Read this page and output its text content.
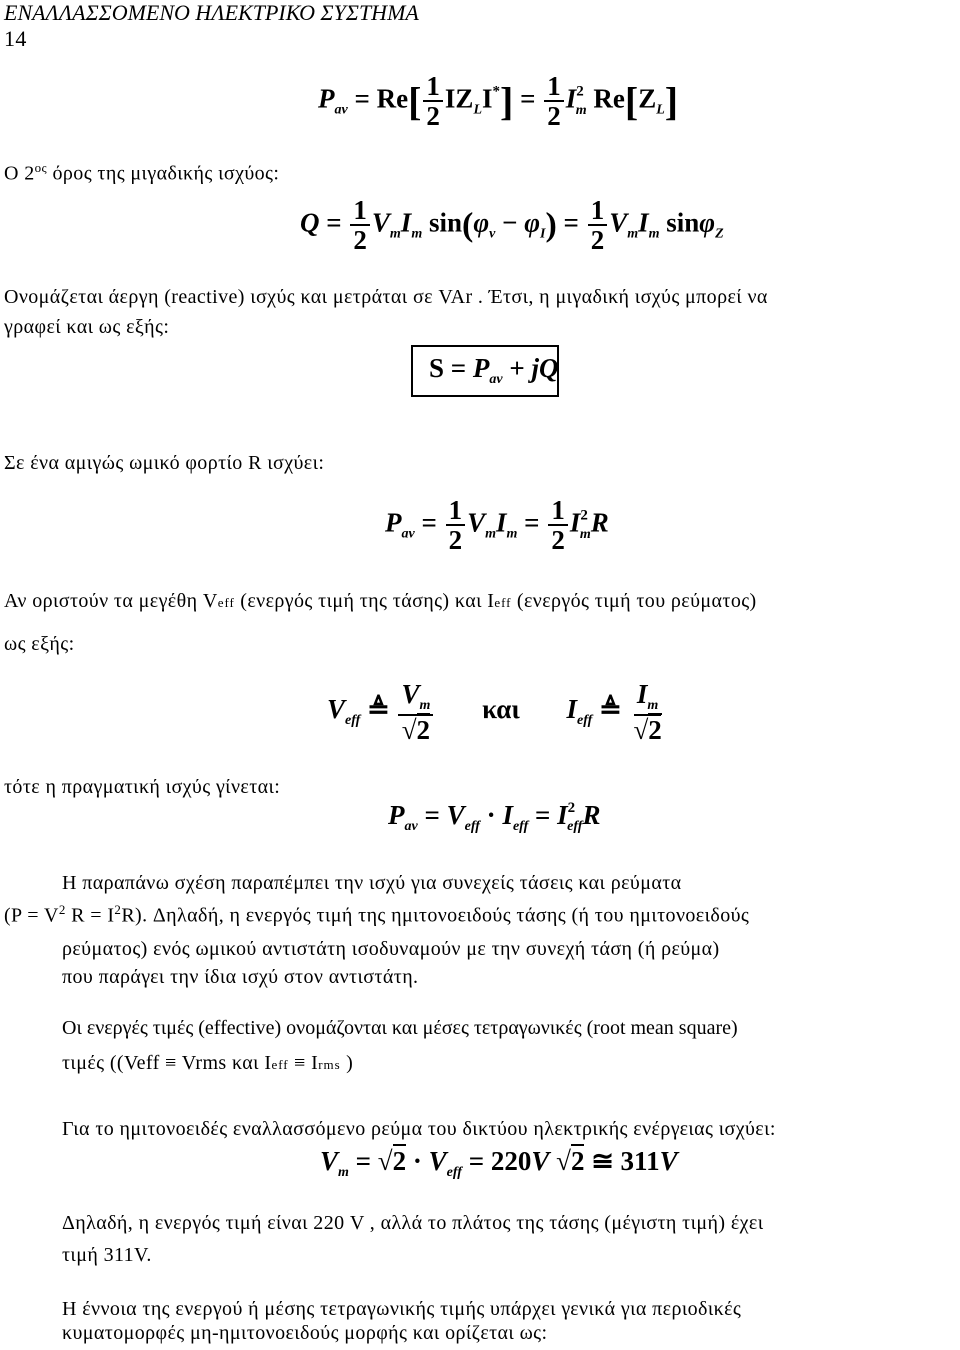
ΕΝΑΛΛΑΣΣΟΜΕΝΟ ΗΛΕΚΤΡΙΚΟ ΣΥΣΤΗΜΑ
14
$P_{av} = Re[ \frac{1}{2} IZ_LI^*] = \frac{1}{2} I^2_m$ $Re[Z_L]$
Ο $2^{o\varsigma}$ όρος της μιγαδικής ισχύος:
$Q = \frac{1}{2} V_mI_m$ $\sin(\varphi_v - \varphi_I) = \frac{1}{2} V_mI_m$ sinφ$_Z$
Ονομάζεται άεργη (reactive) ισχύς και μετράται σε VAr . Έτσι, η μιγαδική ισχύς μπορεί να
γραφεί και ως εξής:
$S = P_{av}$ + jQ
Σε ένα αμιγώς ωμικό φορτίο R ισχύει:
$P_{av} = \frac{1}{2} V_mI_m = \frac{1}{2} I^2_mR$
Αν οριστούν τα μεγέθη Veff (ενεργός τιμή της τάσης) και Ieff (ενεργός τιμή του ρεύματος)
ως εξής:
$V_{eff}$ ≜ $\frac{V_m}{√2}$ και $I_{eff}$ ≜ $\frac{I_m}{√2}$
τότε η πραγματική ισχύς γίνεται:
$P_{av} = V_{eff} \cdot I_{eff} = I^2_{eff}R$
Η παραπάνω σχέση παραπέμπει την ισχύ για συνεχείς τάσεις και ρεύματα
($P = V^2$ $R = I^2R$). Δηλαδή, η ενεργός τιμή της ημιτονοειδούς τάσης (ή του ημιτονοειδούς
ρεύματος) ενός ωμικού αντιστάτη ισοδυναμούν με την συνεχή τάση (ή ρεύμα)
που παράγει την ίδια ισχύ στον αντιστάτη.
Οι ενεργές τιμές (effective) ονομάζονται και μέσες τετραγωνικές (root mean square)
τιμές ((Veff ≡ Vrms και Ieff ≡ Irms )
Για το ημιτονοειδές εναλλασσόμενο ρεύμα του δικτύου ηλεκτρικής ενέργειας ισχύει:
$V_m = √2 \cdot V_{eff} = 220V$ √2 ≅ 311V
Δηλαδή, η ενεργός τιμή είναι 220 V , αλλά το πλάτος της τάσης (μέγιστη τιμή) έχει
τιμή 311V.
Η έννοια της ενεργού ή μέσης τετραγωνικής τιμής υπάρχει γενικά για περιοδικές
κυματομορφές μη-ημιτονοειδούς μορφής και ορίζεται ως:
